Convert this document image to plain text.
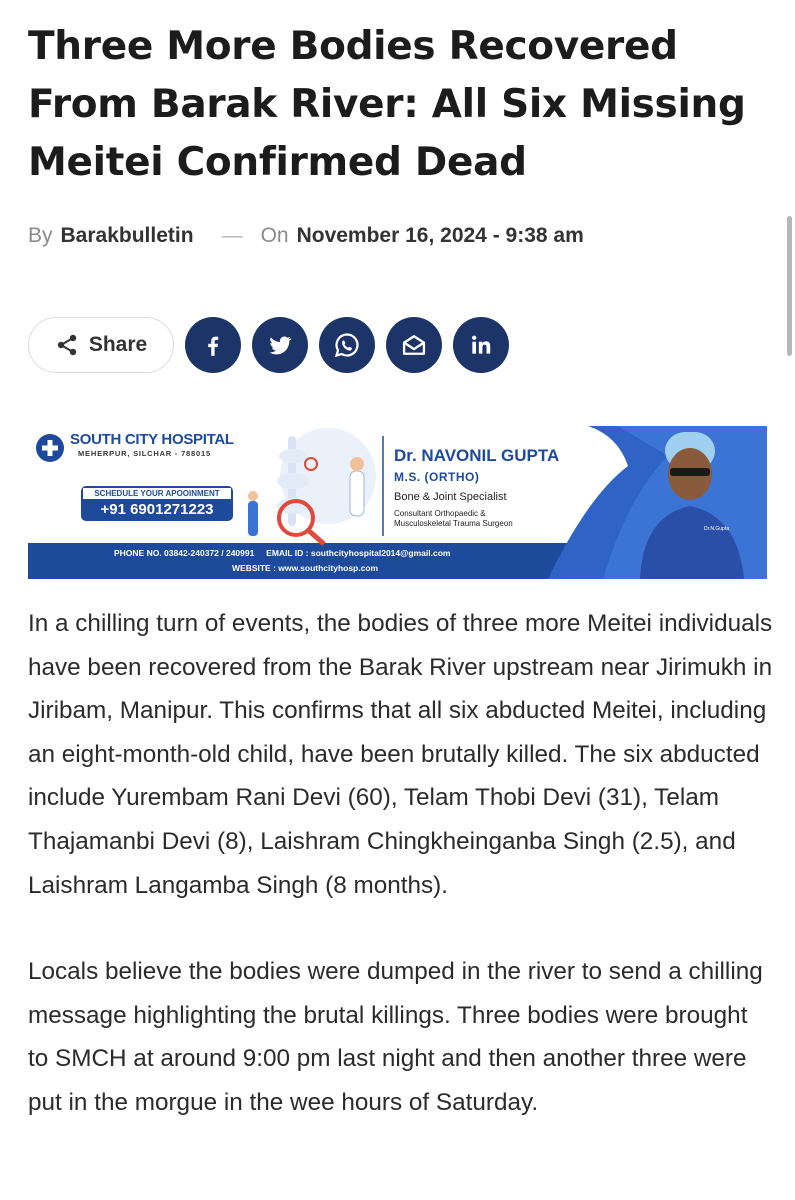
Three More Bodies Recovered From Barak River: All Six Missing Meitei Confirmed Dead
By Barakbulletin — On November 16, 2024 - 9:38 am
Share
SOUTH CITY HOSPITAL
MEHERPUR, SILCHAR - 788015
SCHEDULE YOUR APOOINMENT
+91 6901271223
Dr. NAVONIL GUPTA
M.S. (ORTHO)
Bone & Joint Specialist
Consultant Orthopaedic &
Musculoskeletal Trauma Surgeon
PHONE NO. 03842-240372 / 240991     EMAIL ID : southcityhospital2014@gmail.com
WEBSITE : www.southcityhosp.com
Dr.N.Gupta

In a chilling turn of events, the bodies of three more Meitei individuals have been recovered from the Barak River upstream near Jirimukh in Jiribam, Manipur. This confirms that all six abducted Meitei, including an eight-month-old child, have been brutally killed. The six abducted include Yurembam Rani Devi (60), Telam Thobi Devi (31), Telam Thajamanbi Devi (8), Laishram Chingkheinganba Singh (2.5), and Laishram Langamba Singh (8 months).

Locals believe the bodies were dumped in the river to send a chilling message highlighting the brutal killings. Three bodies were brought to SMCH at around 9:00 pm last night and then another three were put in the morgue in the wee hours of Saturday.
